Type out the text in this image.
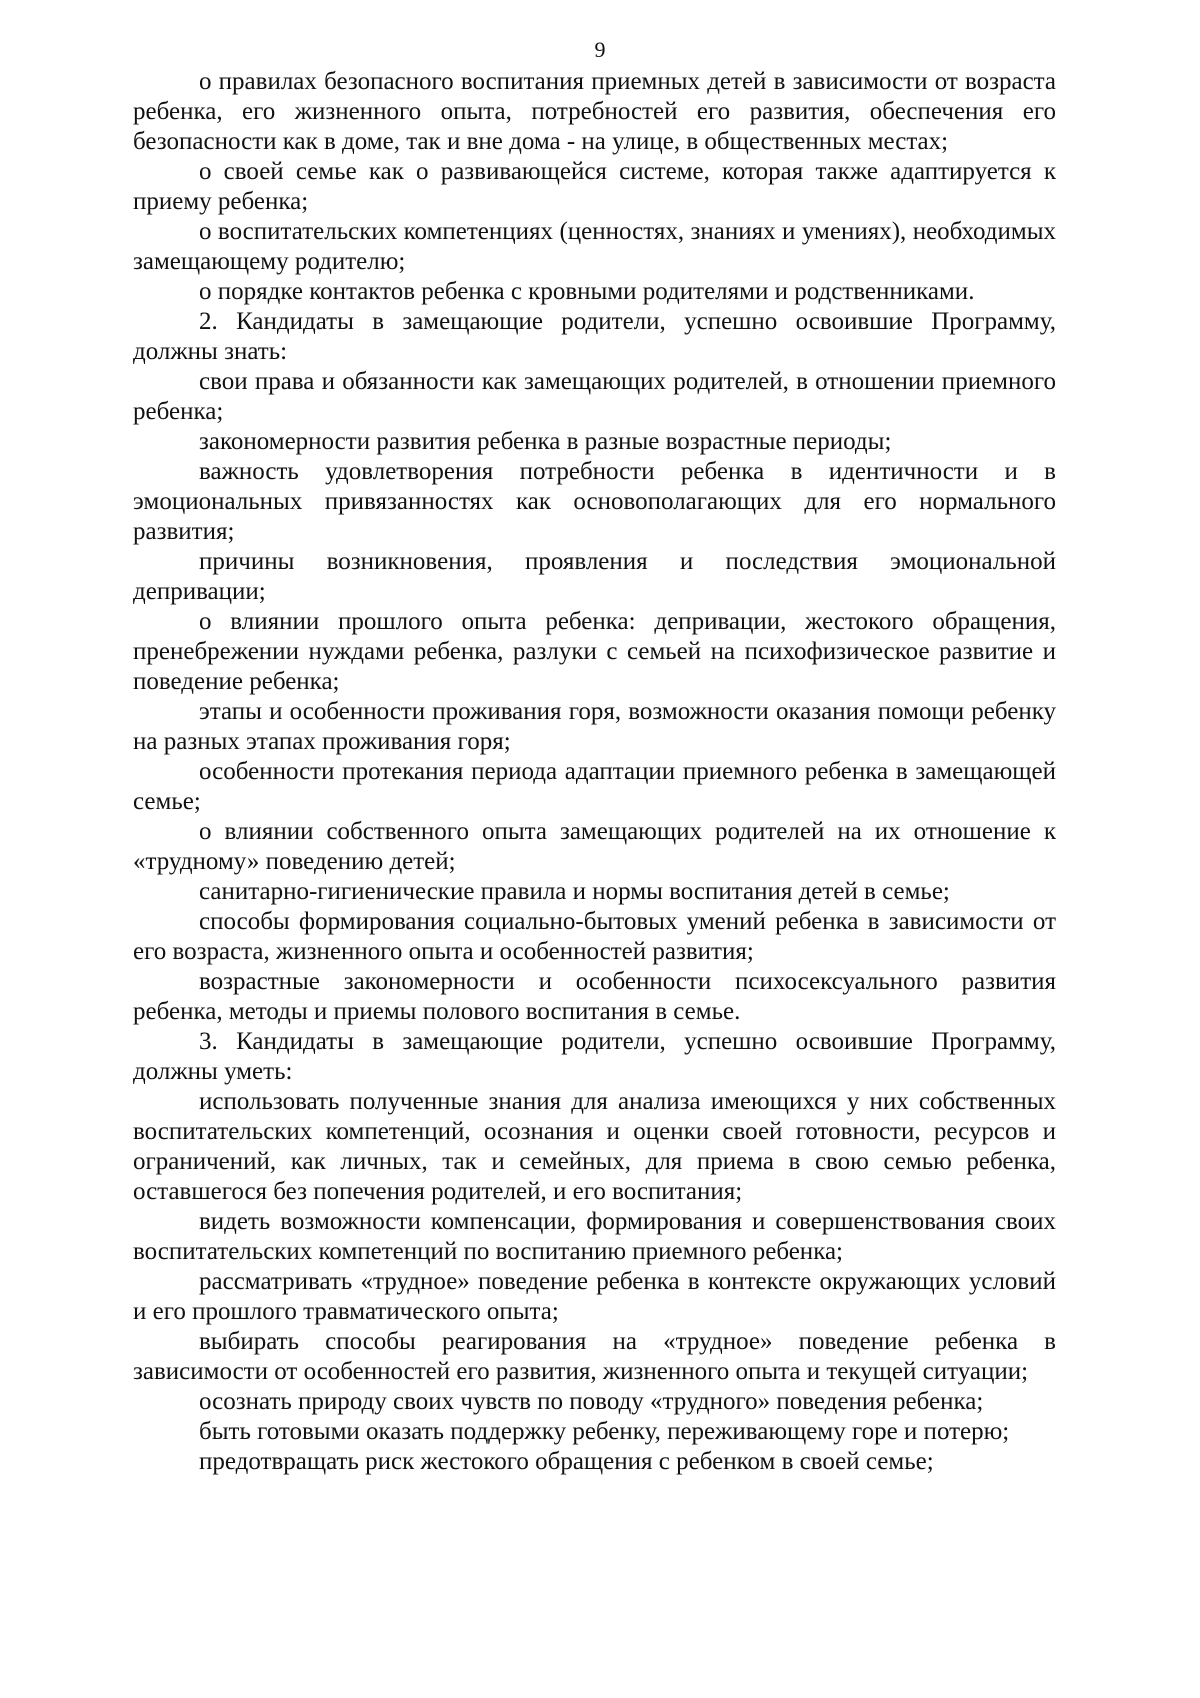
9

о правилах безопасного воспитания приемных детей в зависимости от возраста ребенка, его жизненного опыта, потребностей его развития, обеспечения его безопасности как в доме, так и вне дома - на улице, в общественных местах;

о своей семье как о развивающейся системе, которая также адаптируется к приему ребенка;

о воспитательских компетенциях (ценностях, знаниях и умениях), необходимых замещающему родителю;

о порядке контактов ребенка с кровными родителями и родственниками.

2. Кандидаты в замещающие родители, успешно освоившие Программу, должны знать:

свои права и обязанности как замещающих родителей, в отношении приемного ребенка;

закономерности развития ребенка в разные возрастные периоды;

важность удовлетворения потребности ребенка в идентичности и в эмоциональных привязанностях как основополагающих для его нормального развития;

причины возникновения, проявления и последствия эмоциональной депривации;

о влиянии прошлого опыта ребенка: депривации, жестокого обращения, пренебрежении нуждами ребенка, разлуки с семьей на психофизическое развитие и поведение ребенка;

этапы и особенности проживания горя, возможности оказания помощи ребенку на разных этапах проживания горя;

особенности протекания периода адаптации приемного ребенка в замещающей семье;

о влиянии собственного опыта замещающих родителей на их отношение к «трудному» поведению детей;

санитарно-гигиенические правила и нормы воспитания детей в семье;

способы формирования социально-бытовых умений ребенка в зависимости от его возраста, жизненного опыта и особенностей развития;

возрастные закономерности и особенности психосексуального развития ребенка, методы и приемы полового воспитания в семье.

3. Кандидаты в замещающие родители, успешно освоившие Программу, должны уметь:

использовать полученные знания для анализа имеющихся у них собственных воспитательских компетенций, осознания и оценки своей готовности, ресурсов и ограничений, как личных, так и семейных, для приема в свою семью ребенка, оставшегося без попечения родителей, и его воспитания;

видеть возможности компенсации, формирования и совершенствования своих воспитательских компетенций по воспитанию приемного ребенка;

рассматривать «трудное» поведение ребенка в контексте окружающих условий и его прошлого травматического опыта;

выбирать способы реагирования на «трудное» поведение ребенка в зависимости от особенностей его развития, жизненного опыта и текущей ситуации;

осознать природу своих чувств по поводу «трудного» поведения ребенка;

быть готовыми оказать поддержку ребенку, переживающему горе и потерю;

предотвращать риск жестокого обращения с ребенком в своей семье;
